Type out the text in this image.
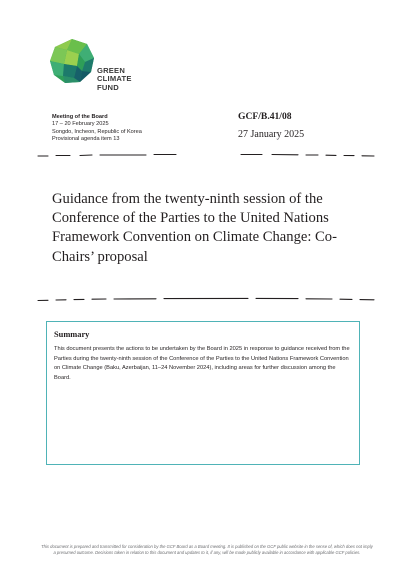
GREEN
CLIMATE
FUND
Meeting of the Board
17 – 20 February 2025
Songdo, Incheon, Republic of Korea
Provisional agenda item 13
GCF/B.41/08
27 January 2025
Guidance from the twenty-ninth session of the Conference of the Parties to the United Nations Framework Convention on Climate Change: Co-Chairs’ proposal

Summary

This document presents the actions to be undertaken by the Board in 2025 in response to guidance received from the Parties during the twenty-ninth session of the Conference of the Parties to the United Nations Framework Convention on Climate Change (Baku, Azerbaijan, 11–24 November 2024), including areas for further discussion among the Board.

This document is prepared and transmitted for consideration by the GCF Board as a Board meeting. It is published on the GCF public website in the sense of, which does not imply a presumed outcome. Decisions taken in relation to this document and updates to it, if any, will be made publicly available in accordance with applicable GCF policies.
